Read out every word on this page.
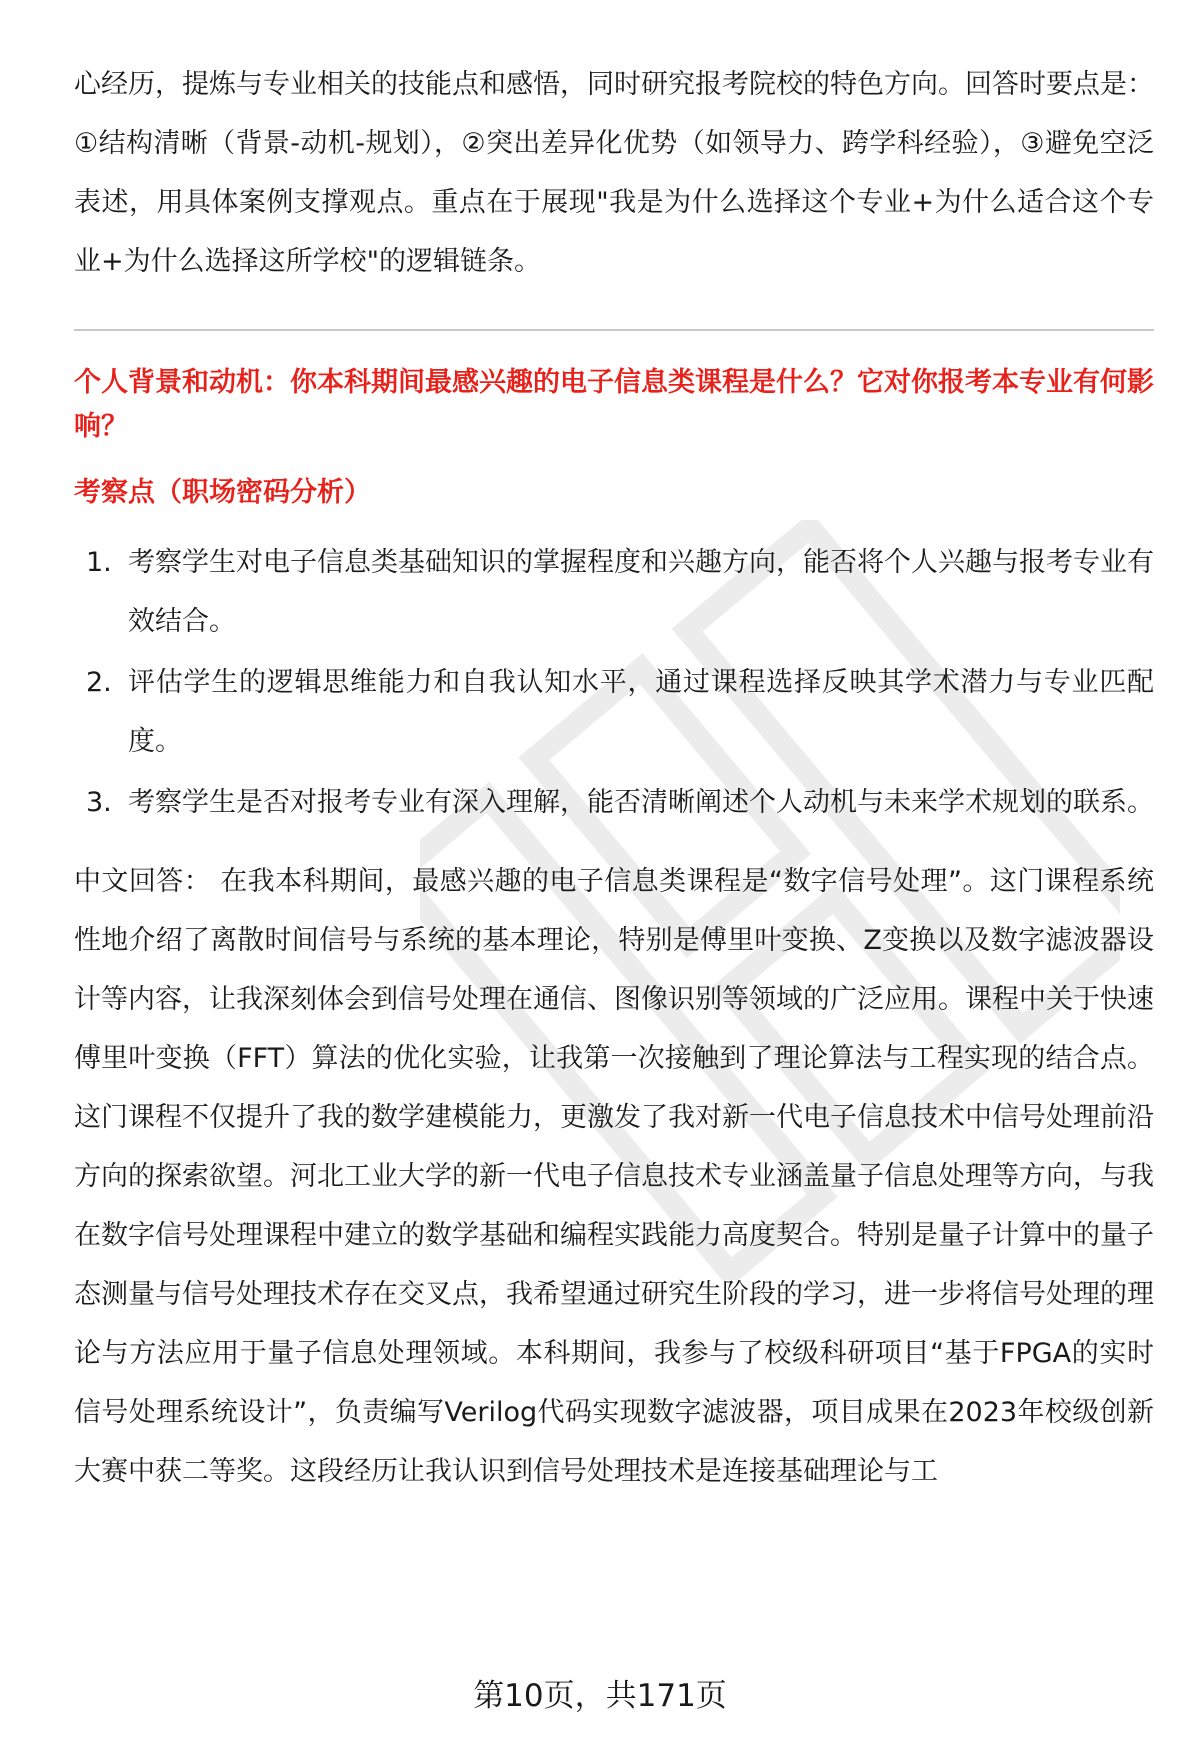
心经历，提炼与专业相关的技能点和感悟，同时研究报考院校的特色方向。回答时要点是：①结构清晰（背景-动机-规划），②突出差异化优势（如领导力、跨学科经验），③避免空泛表述，用具体案例支撑观点。重点在于展现"我是为什么选择这个专业+为什么适合这个专业+为什么选择这所学校"的逻辑链条。

个人背景和动机：你本科期间最感兴趣的电子信息类课程是什么？它对你报考本专业有何影响？

考察点（职场密码分析）

1. 考察学生对电子信息类基础知识的掌握程度和兴趣方向，能否将个人兴趣与报考专业有效结合。
2. 评估学生的逻辑思维能力和自我认知水平，通过课程选择反映其学术潜力与专业匹配度。
3. 考察学生是否对报考专业有深入理解，能否清晰阐述个人动机与未来学术规划的联系。

中文回答： 在我本科期间，最感兴趣的电子信息类课程是“数字信号处理”。这门课程系统性地介绍了离散时间信号与系统的基本理论，特别是傅里叶变换、Z变换以及数字滤波器设计等内容，让我深刻体会到信号处理在通信、图像识别等领域的广泛应用。课程中关于快速傅里叶变换（FFT）算法的优化实验，让我第一次接触到了理论算法与工程实现的结合点。这门课程不仅提升了我的数学建模能力，更激发了我对新一代电子信息技术中信号处理前沿方向的探索欲望。河北工业大学的新一代电子信息技术专业涵盖量子信息处理等方向，与我在数字信号处理课程中建立的数学基础和编程实践能力高度契合。特别是量子计算中的量子态测量与信号处理技术存在交叉点，我希望通过研究生阶段的学习，进一步将信号处理的理论与方法应用于量子信息处理领域。本科期间，我参与了校级科研项目“基于FPGA的实时信号处理系统设计”，负责编写Verilog代码实现数字滤波器，项目成果在2023年校级创新大赛中获二等奖。这段经历让我认识到信号处理技术是连接基础理论与工

第10页，共171页
